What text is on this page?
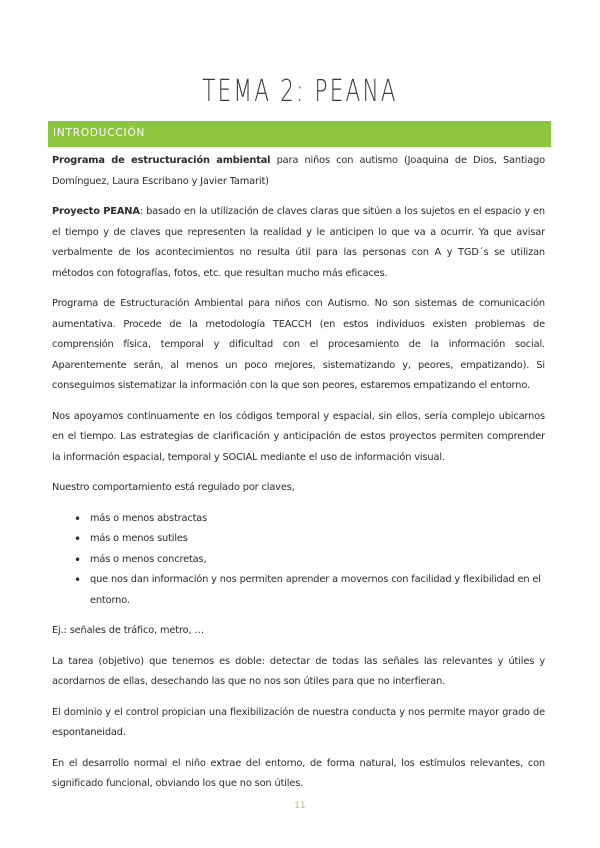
TEMA 2: PEANA
INTRODUCCIÓN

Programa de estructuración ambiental para niños con autismo (Joaquina de Dios, Santiago Domínguez, Laura Escribano y Javier Tamarit)

Proyecto PEANA: basado en la utilización de claves claras que sitúen a los sujetos en el espacio y en el tiempo y de claves que representen la realidad y le anticipen lo que va a ocurrir. Ya que avisar verbalmente de los acontecimientos no resulta útil para las personas con A y TGD´s se utilizan métodos con fotografías, fotos, etc. que resultan mucho más eficaces.

Programa de Estructuración Ambiental para niños con Autismo. No son sistemas de comunicación aumentativa. Procede de la metodología TEACCH (en estos individuos existen problemas de comprensión física, temporal y dificultad con el procesamiento de la información social. Aparentemente serán, al menos un poco mejores, sistematizando y, peores, empatizando). Si conseguimos sistematizar la información con la que son peores, estaremos empatizando el entorno.

Nos apoyamos continuamente en los códigos temporal y espacial, sin ellos, sería complejo ubicarnos en el tiempo. Las estrategias de clarificación y anticipación de estos proyectos permiten comprender la información espacial, temporal y SOCIAL mediante el uso de información visual.

Nuestro comportamiento está regulado por claves,

• más o menos abstractas
• más o menos sutiles
• más o menos concretas,
• que nos dan información y nos permiten aprender a movernos con facilidad y flexibilidad en el entorno.

Ej.: señales de tráfico, metro, …

La tarea (objetivo) que tenemos es doble: detectar de todas las señales las relevantes y útiles y acordarnos de ellas, desechando las que no nos son útiles para que no interfieran.

El dominio y el control propician una flexibilización de nuestra conducta y nos permite mayor grado de espontaneidad.

En el desarrollo normal el niño extrae del entorno, de forma natural, los estímulos relevantes, con significado funcional, obviando los que no son útiles.

11
